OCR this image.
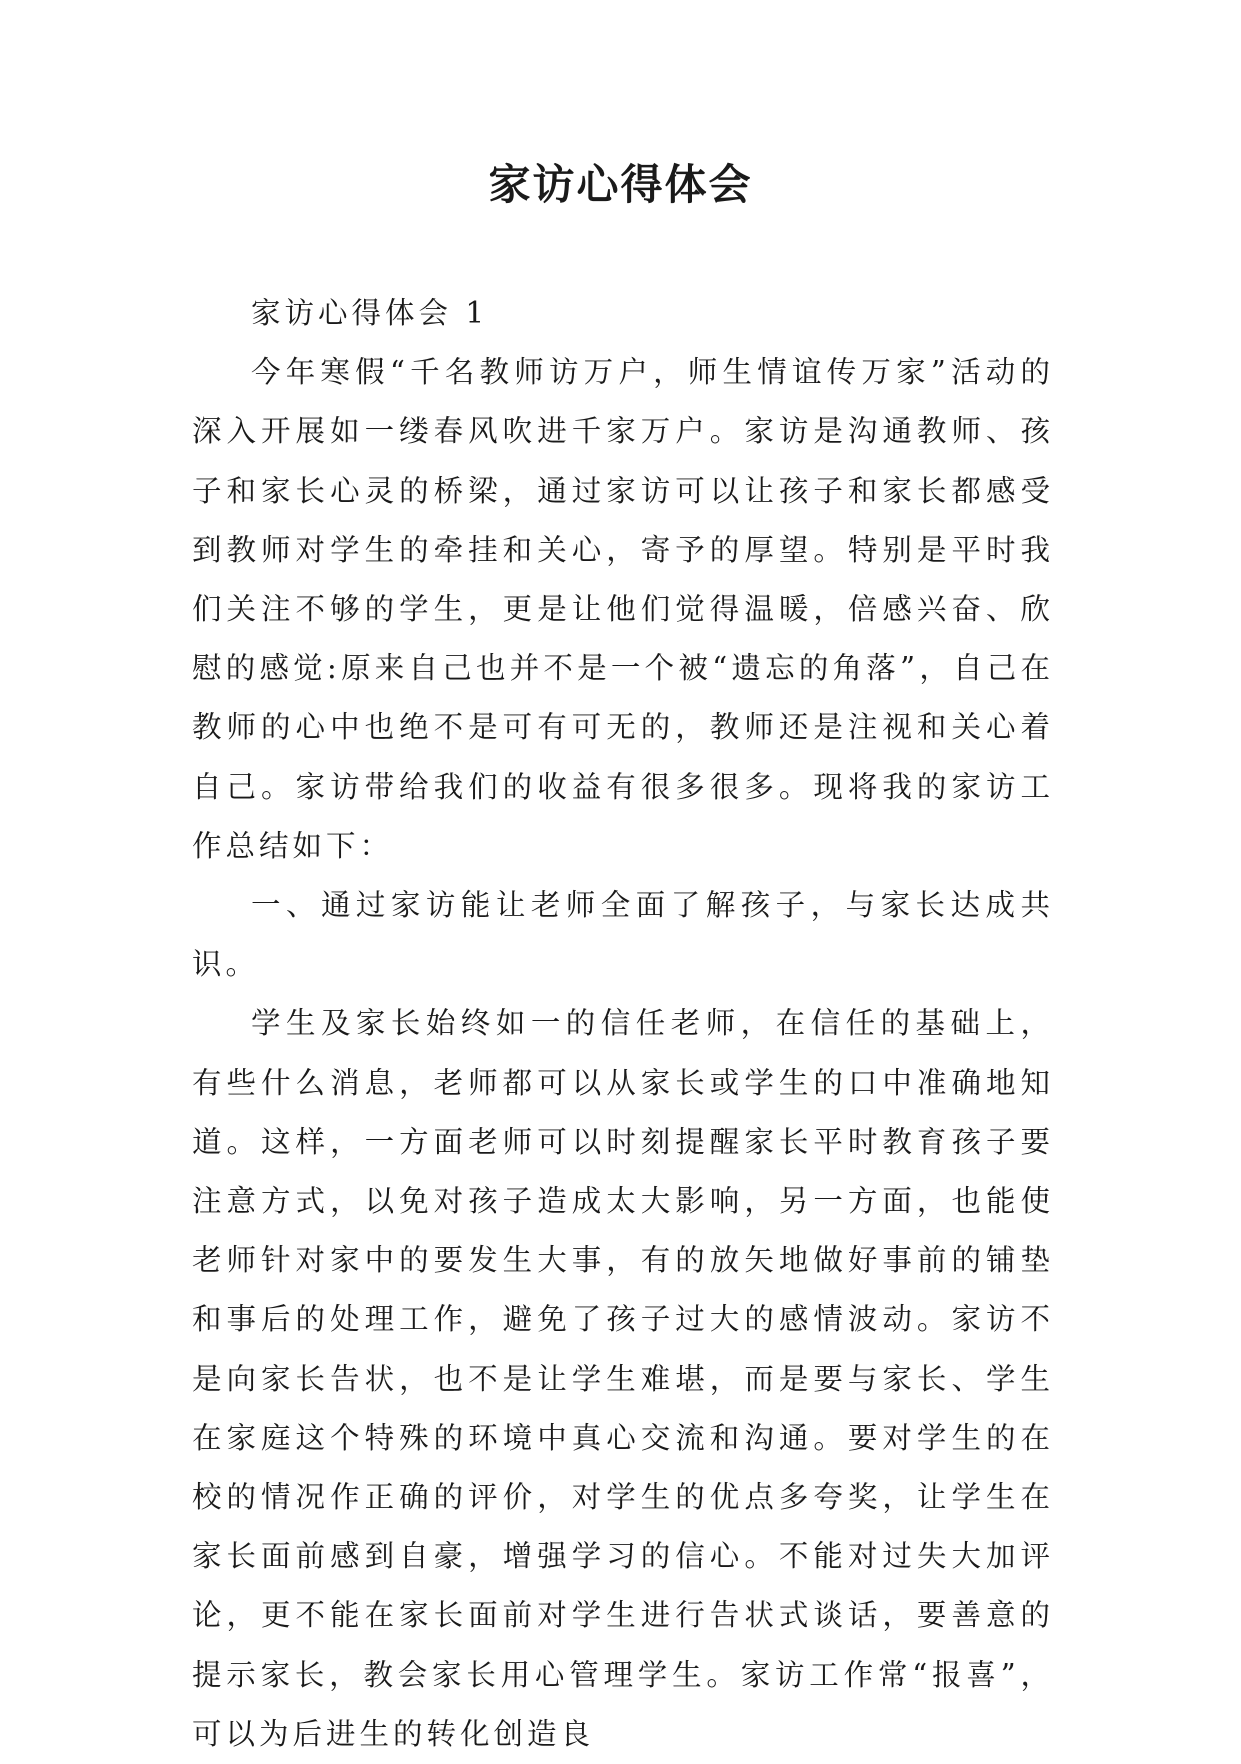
家访心得体会

家访心得体会 1

今年寒假“千名教师访万户，师生情谊传万家”活动的深入开展如一缕春风吹进千家万户。家访是沟通教师、孩子和家长心灵的桥梁，通过家访可以让孩子和家长都感受到教师对学生的牵挂和关心，寄予的厚望。特别是平时我们关注不够的学生，更是让他们觉得温暖，倍感兴奋、欣慰的感觉:原来自己也并不是一个被“遗忘的角落”，自己在教师的心中也绝不是可有可无的，教师还是注视和关心着自己。家访带给我们的收益有很多很多。现将我的家访工作总结如下：

一、通过家访能让老师全面了解孩子，与家长达成共识。

学生及家长始终如一的信任老师，在信任的基础上，有些什么消息，老师都可以从家长或学生的口中准确地知道。这样，一方面老师可以时刻提醒家长平时教育孩子要注意方式，以免对孩子造成太大影响，另一方面，也能使老师针对家中的要发生大事，有的放矢地做好事前的铺垫和事后的处理工作，避免了孩子过大的感情波动。家访不是向家长告状，也不是让学生难堪，而是要与家长、学生在家庭这个特殊的环境中真心交流和沟通。要对学生的在校的情况作正确的评价，对学生的优点多夸奖，让学生在家长面前感到自豪，增强学习的信心。不能对过失大加评论，更不能在家长面前对学生进行告状式谈话，要善意的提示家长，教会家长用心管理学生。家访工作常“报喜”，可以为后进生的转化创造良
